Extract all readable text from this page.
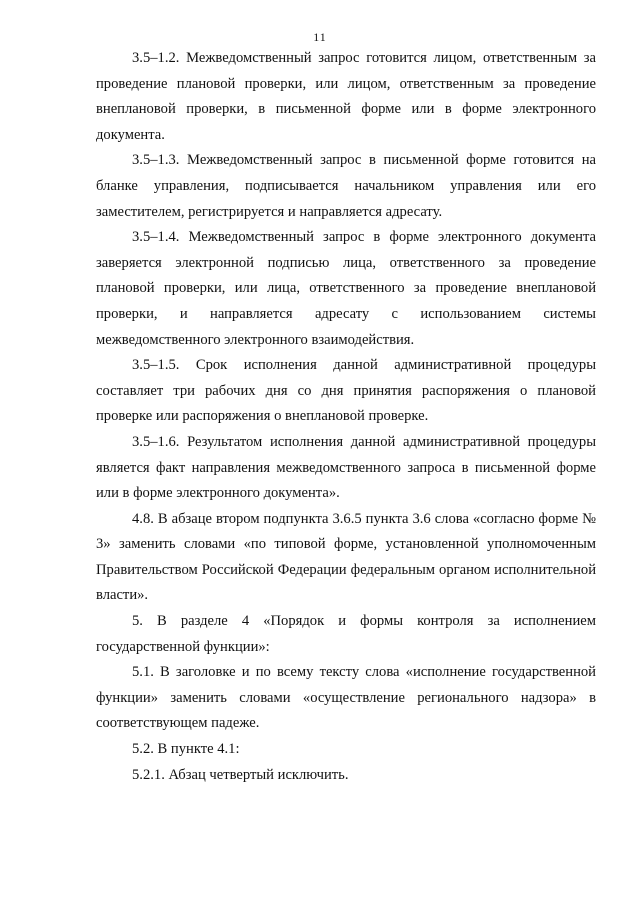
11

3.5–1.2. Межведомственный запрос готовится лицом, ответственным за проведение плановой проверки, или лицом, ответственным за проведение внеплановой проверки, в письменной форме или в форме электронного документа.

3.5–1.3. Межведомственный запрос в письменной форме готовится на бланке управления, подписывается начальником управления или его заместителем, регистрируется и направляется адресату.

3.5–1.4. Межведомственный запрос в форме электронного документа заверяется электронной подписью лица, ответственного за проведение плановой проверки, или лица, ответственного за проведение внеплановой проверки, и направляется адресату с использованием системы межведомственного электронного взаимодействия.

3.5–1.5. Срок исполнения данной административной процедуры составляет три рабочих дня со дня принятия распоряжения о плановой проверке или распоряжения о внеплановой проверке.

3.5–1.6. Результатом исполнения данной административной процедуры является факт направления межведомственного запроса в письменной форме или в форме электронного документа».

4.8. В абзаце втором подпункта 3.6.5 пункта 3.6 слова «согласно форме № 3» заменить словами «по типовой форме, установленной уполномоченным Правительством Российской Федерации федеральным органом исполнительной власти».

5. В разделе 4 «Порядок и формы контроля за исполнением государственной функции»:

5.1. В заголовке и по всему тексту слова «исполнение государственной функции» заменить словами «осуществление регионального надзора» в соответствующем падеже.

5.2. В пункте 4.1:

5.2.1. Абзац четвертый исключить.
